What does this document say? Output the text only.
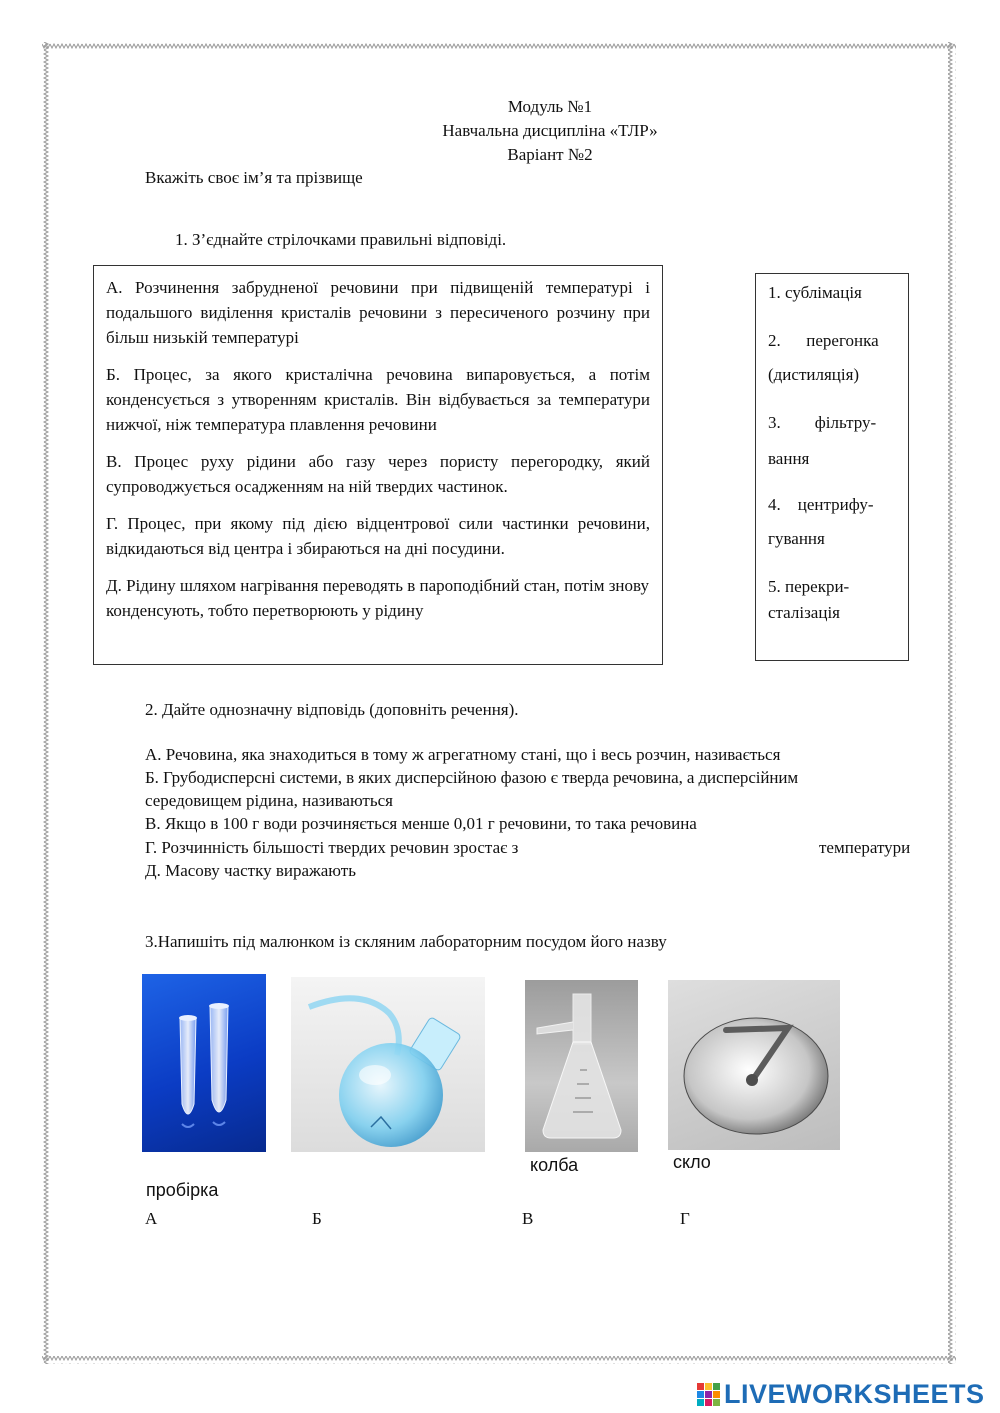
Модуль №1
Навчальна дисципліна «ТЛР»
Варіант №2
Вкажіть своє ім’я та прізвище
1. З’єднайте стрілочками правильні відповіді.

А. Розчинення забрудненої речовини при підвищеній температурі і подальшого виділення кристалів речовини з пересиченого розчину при більш низькій температурі

Б. Процес, за якого кристалічна речовина випаровується, а потім конденсується з утворенням кристалів. Він відбувається за температури нижчої, ніж температура плавлення речовини

В. Процес руху рідини або газу через пористу перегородку, який супроводжується осадженням на ній твердих частинок.

Г. Процес, при якому під дією відцентрової сили частинки речовини, відкидаються від центра і збираються на дні посудини.

Д. Рідину шляхом нагрівання переводять в пароподібний стан, потім знову конденсують, тобто перетворюють у рідину

1. сублімація

2.      перегонка

(дистиляція)

3.        фільтру-

вання

4.    центрифу-

гування

5. перекри-

сталізація

2. Дайте однозначну відповідь (доповніть речення).
А. Речовина, яка знаходиться в тому ж агрегатному стані, що і весь розчин, називається
Б. Грубодисперсні системи, в яких дисперсійною фазою є тверда речовина, а дисперсійним
середовищем рідина, називаються
В. Якщо в 100 г води розчиняється менше 0,01 г речовини, то така речовина
Г. Розчинність більшості твердих речовин зростає з	температури
Д. Масову частку виражають
3.Напишіть під малюнком із скляним лабораторним посудом його назву
пробірка
колба	скло
А	Б	В	Г
LIVEWORKSHEETS
